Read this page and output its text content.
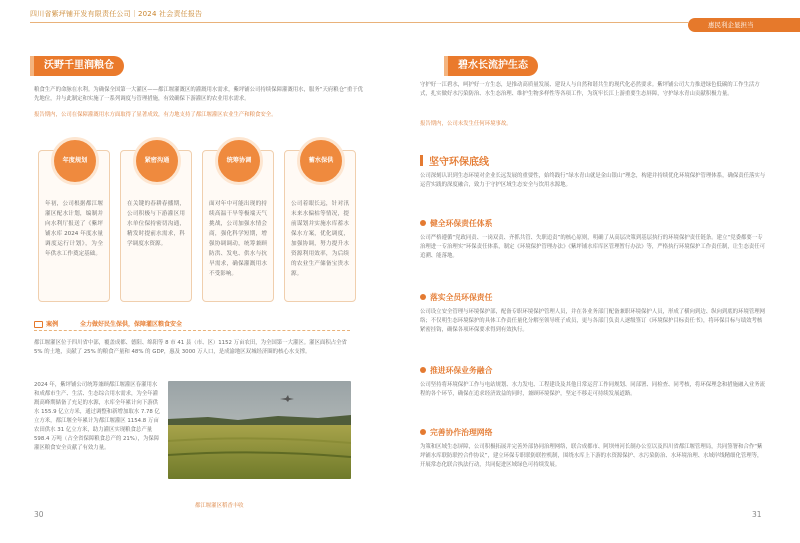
四川省紫坪铺开发有限责任公司｜2024 社会责任报告
沃野千里润粮仓
粮食生产的命脉在水利。为确保全国第一大灌区——都江堰灌溉区的灌溉用水需求，紫坪铺公司持续保障灌溉用水，服务“天府粮仓”重于优先地位，并与此制定和实施了一系列调度与管理措施，有效确保下游灌区的农业用水需求。
报告期内，公司在保障灌溉用水方面取得了显著成效，有力地支持了都江堰灌区农业生产和粮食安全。
年度规划
年初，公司根据都江堰灌区配水计划，编制并向水利厅报送了《紫坪铺水库 2024 年度水量调度运行计划》，为全年供水工作奠定基础。
紧密沟通
在关键的春耕春播期，公司积极与下游灌区用水单位保持密切沟通，精发时提前水需求，科学调度水资源。
统筹协调
面对年中可能出现的持续高温干旱等极端天气挑战，公司加强水情会商，强化科学短期，增强协调调动，统筹兼顾防洪、发电、供水与抗旱需求，确保灌溉用水不受影响。
蓄水保供
公司着眼长远，针对汛末来水偏枯等情况，提前谋划并实施水库蓄水保水方案，优化调度，加强协调，努力提升水资源利用效率，为后续的农业生产储备宝贵水源。
案例	全力做好民生保供，保障灌区粮食安全
都江堰灌区位于四川省中部，覆盖成都、德阳、绵阳等 8 市 41 县（市、区）1152 万亩农田，为全国第一大灌区。灌区面积占全省 5% 的土地，贡献了 25% 的粮食产量和 48% 的 GDP，惠及 3000 万人口，是成渝地区双城经济圈的核心水支撑。
2024 年，紫坪铺公司统筹兼顾都江堰灌区春灌用水和成都市生产、生活、生态综合用水需求，为全年灌溉高峰期储备了充足的水源，水库全年累计向下游供水 155.9 亿立方米，通过调整和新增加取水 7.78 亿立方米，都江堰全年累计为都江堰灌区 1154.8 万亩农田供水 31 亿立方米，助力灌区实现粮食总产量 598.4 万吨（占全省保障粮食总产的 21%），为保障灌区粮食安全贡献了有效力量。
都江堰灌区稻香丰收
30
惠民利企显担当
碧水长流护生态
守护好一江碧水，呵护好一方生态，是推动高质量发展、建设人与自然和谐共生的现代化必然要求。紫坪铺公司大力推进绿色低碳的工作生活方式，扎实做好水污染防治、水生态治理、维护生物多样性等各项工作，为筑牢长江上游重要生态屏障，守护绿水青山贡献积极力量。
报告期内，公司未发生任何环境事故。
坚守环保底线
公司深刻认识到生态环境对企业长远发展的重要性，始终践行“绿水青山就是金山银山”理念，构建并持续优化环境保护管理体系，确保责任落实与运营实践的深度融合，致力于守护区域生态安全与饮用水源地。
健全环保责任体系
公司严格遵循“党政同责、一岗双责、齐抓共管、失职追责”的核心原则，明确了从高层决策到基层执行的环境保护责任链条。建立“党委都要一专治理进一专治理实”环保责任体系，制定《环境保护管理办法》《紫坪铺水库库区管理暂行办法》等，严格执行环境保护工作责任制，让生态责任可追溯、能落地。
落实全员环保责任
公司设立安全管理与环境保护部，配备专职环境保护管理人员，并在各业务部门配备兼职环境保护人员，形成了横向到边、纵向到底的环境管理网络；不仅明生态环境保护的具体工作责任量化分解至领导班子成员，更与各部门负责人逐级签订《环境保护目标责任书》，将环保目标与绩效考核紧密挂钩，确保各项环保要求得到有效执行。
推进环保业务融合
公司坚持将环境保护工作与电站规划、水力发电、工程建设及其他日常运营工作同规划、同部署、同检查、同考核，将环保理念和措施融入业务流程的各个环节，确保在追求经济效益的同时，兼顾环境保护，坚定不移走可持续发展道路。
完善协作治理网络
为策和区域生态屏障，公司积极拓展并完善外部协同治理网络，联合成都市、阿坝州河长制办公室以及四川省都江堰管理局，共同签署和合作“紫坪铺水库联防联控合作协议”，建立环保专职联防联控机制，围绕水库上下游的水资源保护、水污染防治、水环境治理、水域岸线精细化管理等，开展常态化联合执法行动，共同促进区域绿色可持续发展。
31
